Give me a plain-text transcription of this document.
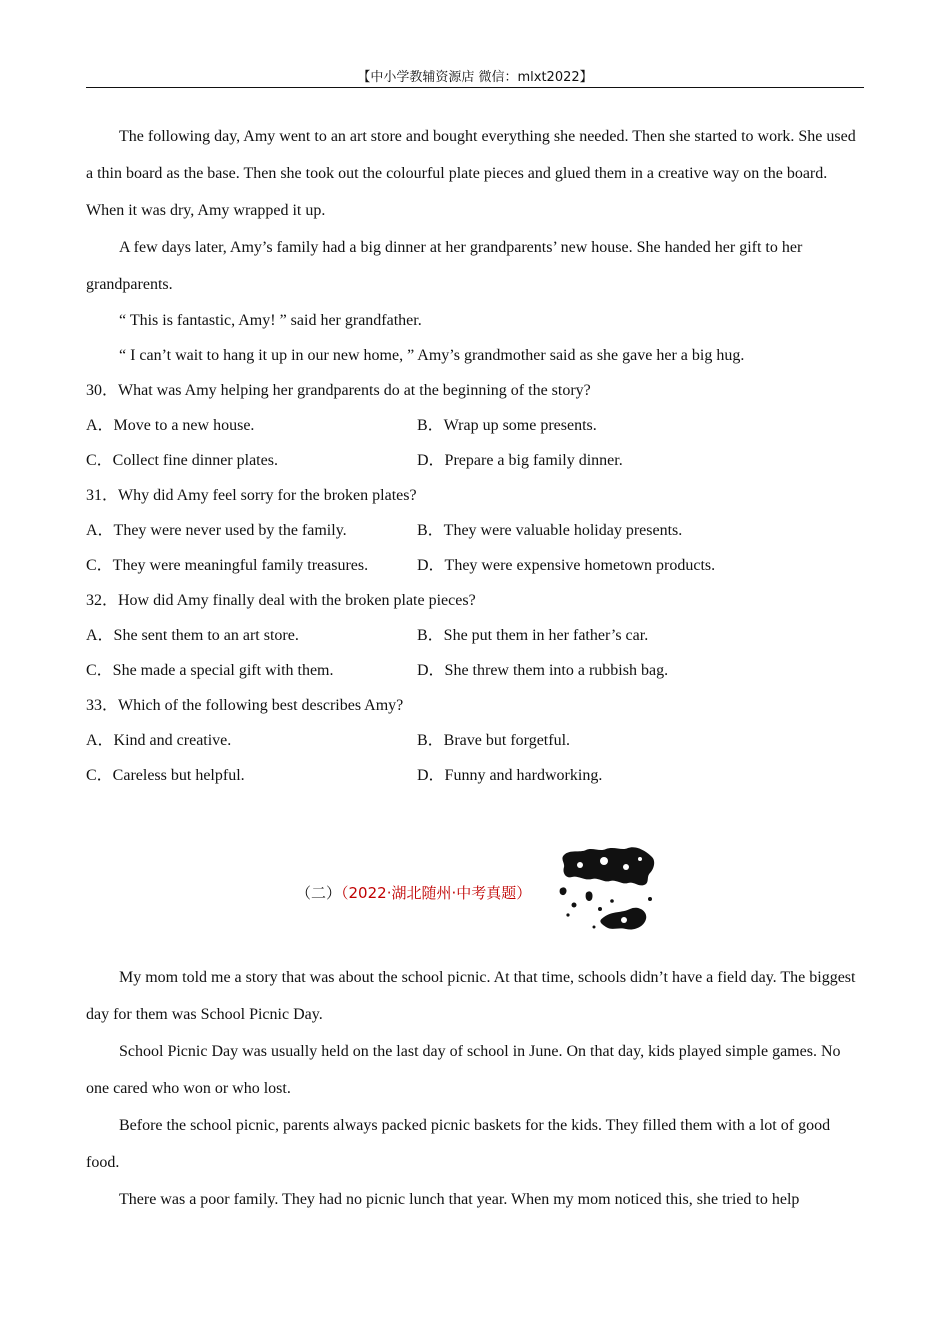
【中小学教辅资源店 微信：mlxt2022】

The following day, Amy went to an art store and bought everything she needed. Then she started to work. She used a thin board as the base. Then she took out the colourful plate pieces and glued them in a creative way on the board. When it was dry, Amy wrapped it up.

A few days later, Amy’s family had a big dinner at her grandparents’ new house. She handed her gift to her grandparents.

“ This is fantastic, Amy! ” said her grandfather.

“ I can’t wait to hang it up in our new home, ” Amy’s grandmother said as she gave her a big hug.

30．What was Amy helping her grandparents do at the beginning of the story?

A．Move to a new house.	B．Wrap up some presents.
C．Collect fine dinner plates.	D．Prepare a big family dinner.

31．Why did Amy feel sorry for the broken plates?

A．They were never used by the family.	B．They were valuable holiday presents.
C．They were meaningful family treasures.	D．They were expensive hometown products.

32．How did Amy finally deal with the broken plate pieces?

A．She sent them to an art store.	B．She put them in her father’s car.
C．She made a special gift with them.	D．She threw them into a rubbish bag.

33．Which of the following best describes Amy?

A．Kind and creative.	B．Brave but forgetful.
C．Careless but helpful.	D．Funny and hardworking.
（二）（2022·湖北随州·中考真题）

My mom told me a story that was about the school picnic. At that time, schools didn’t have a field day. The biggest day for them was School Picnic Day.

School Picnic Day was usually held on the last day of school in June. On that day, kids played simple games. No one cared who won or who lost.

Before the school picnic, parents always packed picnic baskets for the kids. They filled them with a lot of good food.

There was a poor family. They had no picnic lunch that year. When my mom noticed this, she tried to help
